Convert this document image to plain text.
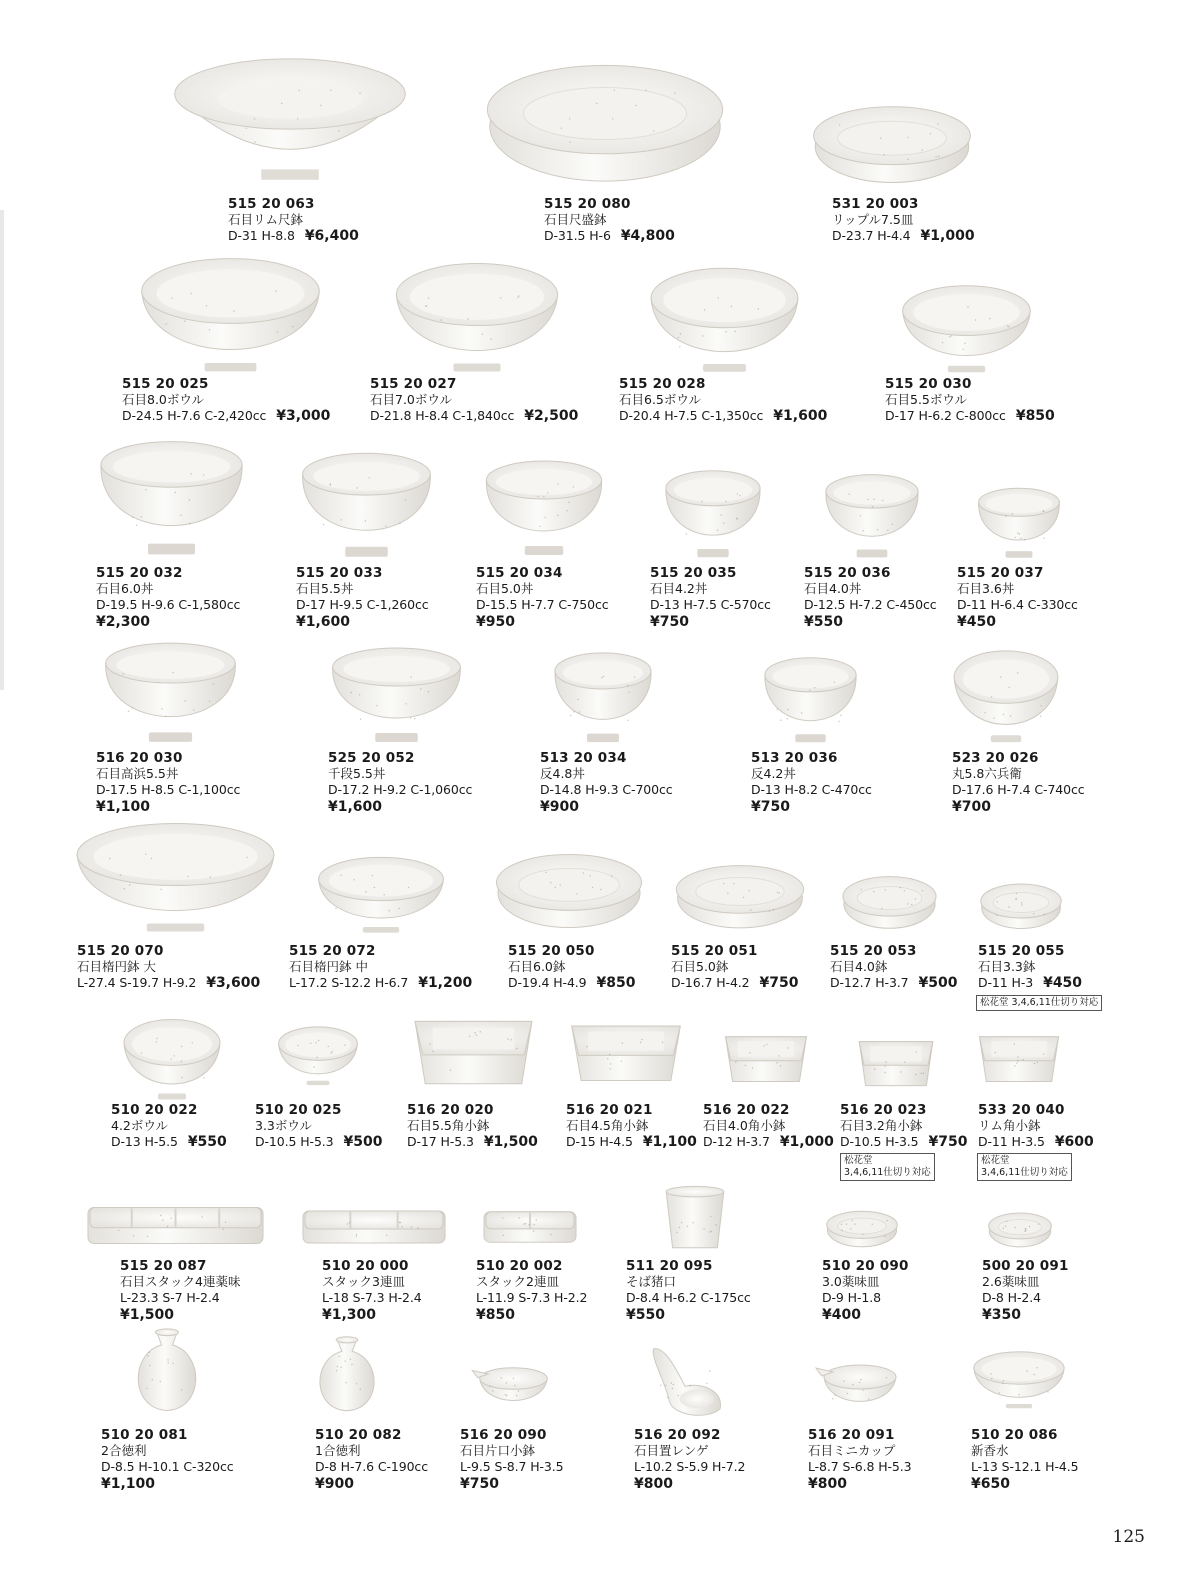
515 20 063
石目リム尺鉢
D-31 H-8.8 ¥6,400
515 20 080
石目尺盛鉢
D-31.5 H-6 ¥4,800
531 20 003
リップル7.5皿
D-23.7 H-4.4 ¥1,000
515 20 025
石目8.0ボウル
D-24.5 H-7.6 C-2,420cc ¥3,000
515 20 027
石目7.0ボウル
D-21.8 H-8.4 C-1,840cc ¥2,500
515 20 028
石目6.5ボウル
D-20.4 H-7.5 C-1,350cc ¥1,600
515 20 030
石目5.5ボウル
D-17 H-6.2 C-800cc ¥850
515 20 032
石目6.0丼
D-19.5 H-9.6 C-1,580cc
¥2,300
515 20 033
石目5.5丼
D-17 H-9.5 C-1,260cc
¥1,600
515 20 034
石目5.0丼
D-15.5 H-7.7 C-750cc
¥950
515 20 035
石目4.2丼
D-13 H-7.5 C-570cc
¥750
515 20 036
石目4.0丼
D-12.5 H-7.2 C-450cc
¥550
515 20 037
石目3.6丼
D-11 H-6.4 C-330cc
¥450
516 20 030
石目高浜5.5丼
D-17.5 H-8.5 C-1,100cc
¥1,100
525 20 052
千段5.5丼
D-17.2 H-9.2 C-1,060cc
¥1,600
513 20 034
反4.8丼
D-14.8 H-9.3 C-700cc
¥900
513 20 036
反4.2丼
D-13 H-8.2 C-470cc
¥750
523 20 026
丸5.8六兵衛
D-17.6 H-7.4 C-740cc
¥700
515 20 070
石目楕円鉢 大
L-27.4 S-19.7 H-9.2 ¥3,600
515 20 072
石目楕円鉢 中
L-17.2 S-12.2 H-6.7 ¥1,200
515 20 050
石目6.0鉢
D-19.4 H-4.9 ¥850
515 20 051
石目5.0鉢
D-16.7 H-4.2 ¥750
515 20 053
石目4.0鉢
D-12.7 H-3.7 ¥500
515 20 055
石目3.3鉢
D-11 H-3 ¥450
松花堂 3,4,6,11仕切り対応
510 20 022
4.2ボウル
D-13 H-5.5 ¥550
510 20 025
3.3ボウル
D-10.5 H-5.3 ¥500
516 20 020
石目5.5角小鉢
D-17 H-5.3 ¥1,500
516 20 021
石目4.5角小鉢
D-15 H-4.5 ¥1,100
516 20 022
石目4.0角小鉢
D-12 H-3.7 ¥1,000
516 20 023
石目3.2角小鉢
D-10.5 H-3.5 ¥750
松花堂
3,4,6,11仕切り対応
533 20 040
リム角小鉢
D-11 H-3.5 ¥600
松花堂
3,4,6,11仕切り対応
515 20 087
石目スタック4連薬味
L-23.3 S-7 H-2.4
¥1,500
510 20 000
スタック3連皿
L-18 S-7.3 H-2.4
¥1,300
510 20 002
スタック2連皿
L-11.9 S-7.3 H-2.2
¥850
511 20 095
そば猪口
D-8.4 H-6.2 C-175cc
¥550
510 20 090
3.0薬味皿
D-9 H-1.8
¥400
500 20 091
2.6薬味皿
D-8 H-2.4
¥350
510 20 081
2合徳利
D-8.5 H-10.1 C-320cc
¥1,100
510 20 082
1合徳利
D-8 H-7.6 C-190cc
¥900
516 20 090
石目片口小鉢
L-9.5 S-8.7 H-3.5
¥750
516 20 092
石目置レンゲ
L-10.2 S-5.9 H-7.2
¥800
516 20 091
石目ミニカップ
L-8.7 S-6.8 H-5.3
¥800
510 20 086
新香水
L-13 S-12.1 H-4.5
¥650
125
